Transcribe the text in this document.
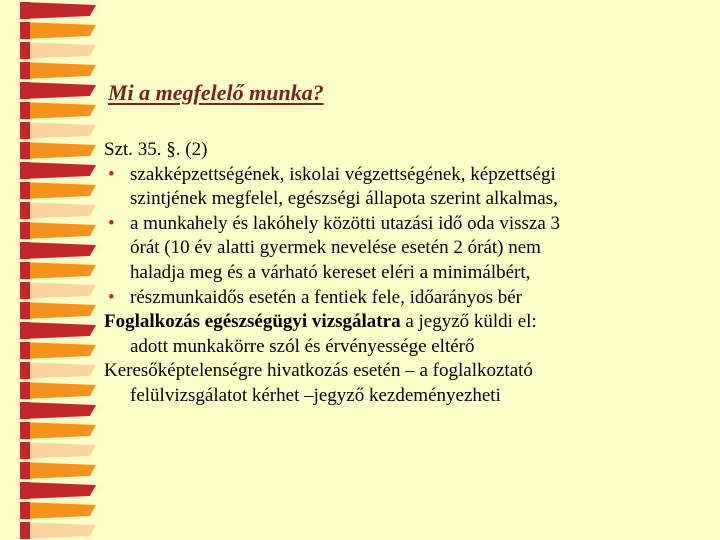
Mi a megfelelő munka?
Szt. 35. §. (2)
• szakképzettségének, iskolai végzettségének, képzettségi
szintjének megfelel, egészségi állapota szerint alkalmas,
• a munkahely és lakóhely közötti utazási idő oda vissza 3
órát (10 év alatti gyermek nevelése esetén 2 órát) nem
haladja meg és a várható kereset eléri a minimálbért,
• részmunkaidős esetén a fentiek fele, időarányos bér
Foglalkozás egészségügyi vizsgálatra a jegyző küldi el:
adott munkakörre szól és érvényessége eltérő
Keresőképtelenségre hivatkozás esetén – a foglalkoztató
felülvizsgálatot kérhet –jegyző kezdeményezheti
